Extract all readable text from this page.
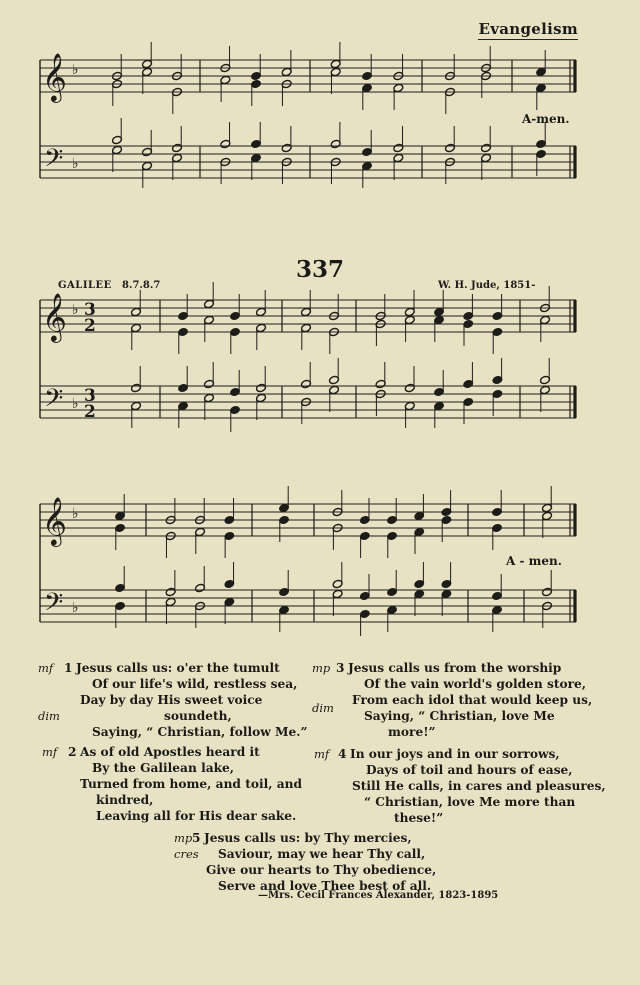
Evangelism
𝄞
𝄢
♭
♭
𝄞
𝄢
♭
♭
3
2
3
2
𝄞
𝄢
♭
♭
337
GALILEE 8.7.8.7	W. H. Jude, 1851-
A-men.
A - men.
mf
dim
1 Jesus calls us: o'er the tumult
Of our life's wild, restless sea,
Day by day His sweet voice
soundeth,
Saying, “ Christian, follow Me.”
mf 2 As of old Apostles heard it
By the Galilean lake,
Turned from home, and toil, and
kindred,
Leaving all for His dear sake.
mp
dim
3 Jesus calls us from the worship
Of the vain world's golden store,
From each idol that would keep us,
Saying, “ Christian, love Me
more!”
mf 4 In our joys and in our sorrows,
Days of toil and hours of ease,
Still He calls, in cares and pleasures,
“ Christian, love Me more than
these!”
mp
cres
5 Jesus calls us: by Thy mercies,
Saviour, may we hear Thy call,
Give our hearts to Thy obedience,
Serve and love Thee best of all.
—Mrs. Cecil Frances Alexander, 1823-1895
